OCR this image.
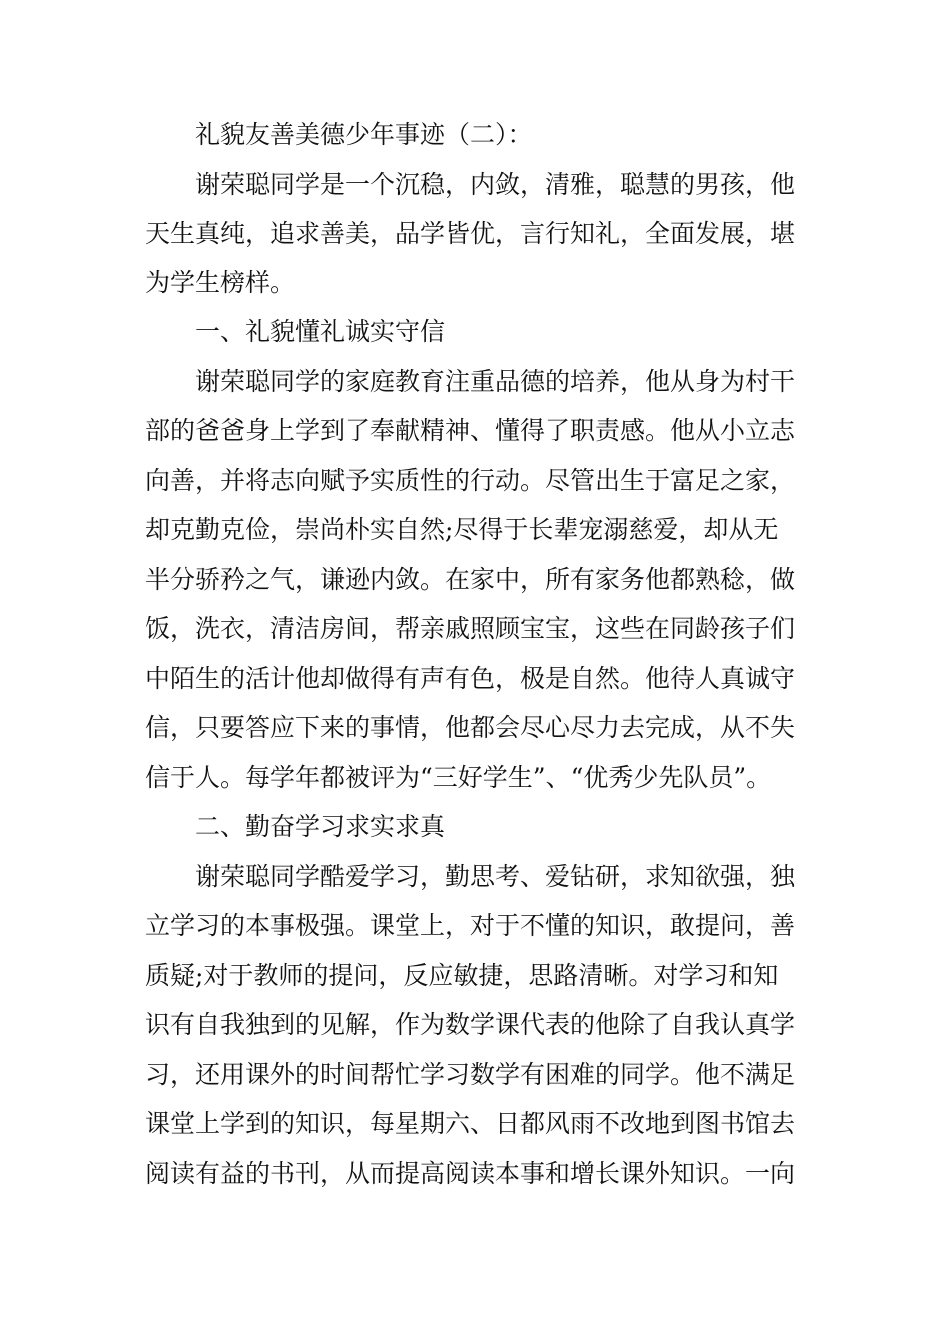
礼貌友善美德少年事迹（二）：
谢荣聪同学是一个沉稳，内敛，清雅，聪慧的男孩，他
天生真纯，追求善美，品学皆优，言行知礼，全面发展，堪
为学生榜样。
一、礼貌懂礼诚实守信
谢荣聪同学的家庭教育注重品德的培养，他从身为村干
部的爸爸身上学到了奉献精神、懂得了职责感。他从小立志
向善，并将志向赋予实质性的行动。尽管出生于富足之家，
却克勤克俭，崇尚朴实自然;尽得于长辈宠溺慈爱，却从无
半分骄矜之气，谦逊内敛。在家中，所有家务他都熟稔，做
饭，洗衣，清洁房间，帮亲戚照顾宝宝，这些在同龄孩子们
中陌生的活计他却做得有声有色，极是自然。他待人真诚守
信，只要答应下来的事情，他都会尽心尽力去完成，从不失
信于人。每学年都被评为“三好学生”、“优秀少先队员”。
二、勤奋学习求实求真
谢荣聪同学酷爱学习，勤思考、爱钻研，求知欲强，独
立学习的本事极强。课堂上，对于不懂的知识，敢提问，善
质疑;对于教师的提问，反应敏捷，思路清晰。对学习和知
识有自我独到的见解，作为数学课代表的他除了自我认真学
习，还用课外的时间帮忙学习数学有困难的同学。他不满足
课堂上学到的知识，每星期六、日都风雨不改地到图书馆去
阅读有益的书刊，从而提高阅读本事和增长课外知识。一向
